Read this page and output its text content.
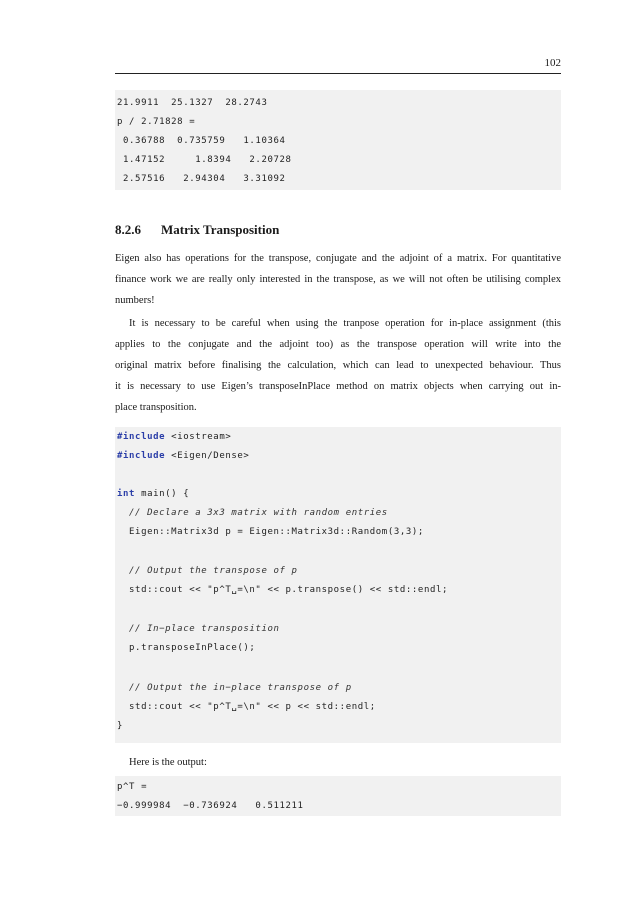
102
21.9911  25.1327  28.2743
p / 2.71828 =
0.36788  0.735759   1.10364
1.47152     1.8394   2.20728
2.57516   2.94304   3.31092
8.2.6 Matrix Transposition
Eigen also has operations for the transpose, conjugate and the adjoint of a matrix. For quantitative
finance work we are really only interested in the transpose, as we will not often be utilising complex
numbers!
It is necessary to be careful when using the tranpose operation for in-place assignment (this
applies to the conjugate and the adjoint too) as the transpose operation will write into the
original matrix before finalising the calculation, which can lead to unexpected behaviour. Thus
it is necessary to use Eigen’s transposeInPlace method on matrix objects when carrying out in-
place transposition.
#include <iostream>
#include <Eigen/Dense>
int main() {
// Declare a 3x3 matrix with random entries
Eigen::Matrix3d p = Eigen::Matrix3d::Random(3,3);
// Output the transpose of p
std::cout << "p^T␣=\n" << p.transpose() << std::endl;
// In−place transposition
p.transposeInPlace();
// Output the in−place transpose of p
std::cout << "p^T␣=\n" << p << std::endl;
}
Here is the output:
p^T =
−0.999984  −0.736924   0.511211
